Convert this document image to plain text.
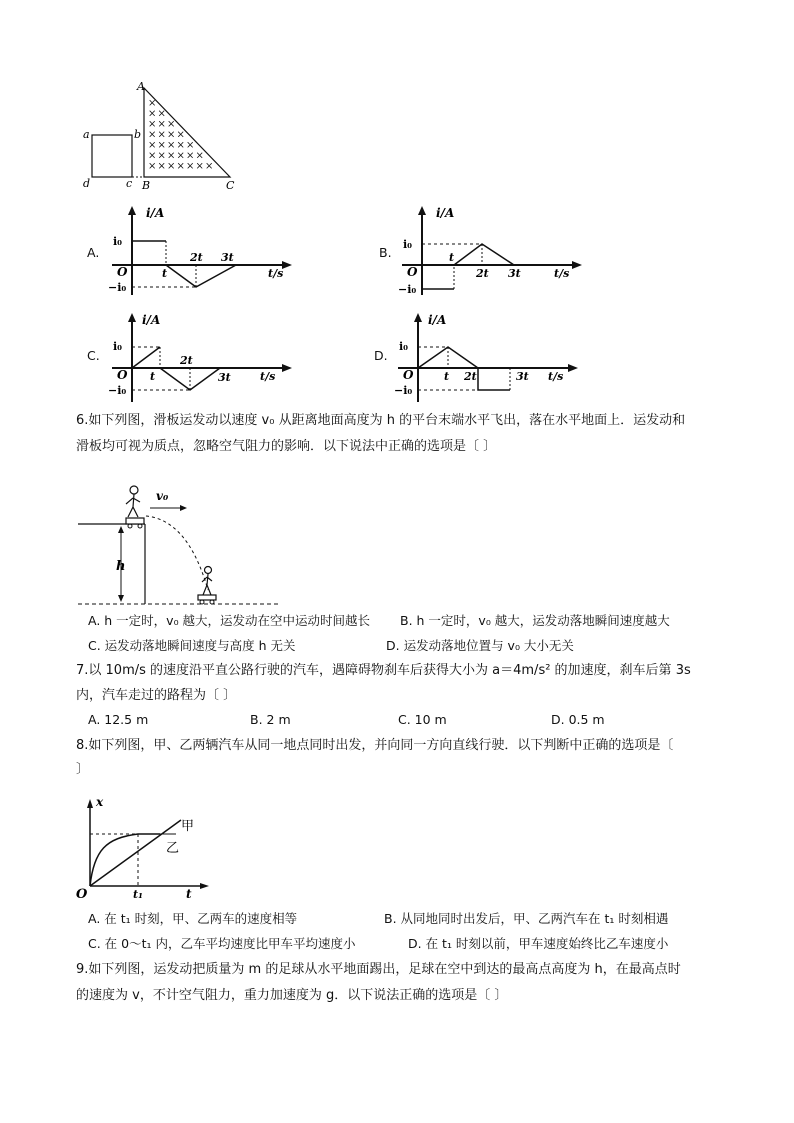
×
× ×
× × ×
× × × ×
× × × × ×
× × × × × ×
× × × × × × ×
A
a	b
d	c B	C
A.
i/A
i₀
−i₀
O	t
2t 3t
t/s
B.
i/A
i₀
−i₀
O
t
2t 3t	t/s
C.
i/A
i₀
−i₀
O t
2t
3t	t/s
D.
i/A
i₀
−i₀
O	t 2t	3t t/s
6.如下列图，滑板运发动以速度 v₀ 从距离地面高度为 h 的平台末端水平飞出，落在水平地面上．运发动和
滑板均可视为质点，忽略空气阻力的影响．以下说法中正确的选项是〔 〕
h
v₀
A. h 一定时，v₀ 越大，运发动在空中运动时间越长 B. h 一定时，v₀ 越大，运发动落地瞬间速度越大
C. 运发动落地瞬间速度与高度 h 无关	D. 运发动落地位置与 v₀ 大小无关
7.以 10m/s 的速度沿平直公路行驶的汽车，遇障碍物刹车后获得大小为 a＝4m/s² 的加速度，刹车后第 3s
内，汽车走过的路程为〔 〕
A. 12.5 m	B. 2 m	C. 10 m	D. 0.5 m
8.如下列图，甲、乙两辆汽车从同一地点同时出发，并向同一方向直线行驶．以下判断中正确的选项是〔
〕
x
O	t₁	t
甲
乙
A. 在 t₁ 时刻，甲、乙两车的速度相等	B. 从同地同时出发后，甲、乙两汽车在 t₁ 时刻相遇
C. 在 0～t₁ 内，乙车平均速度比甲车平均速度小	D. 在 t₁ 时刻以前，甲车速度始终比乙车速度小
9.如下列图，运发动把质量为 m 的足球从水平地面踢出，足球在空中到达的最高点高度为 h，在最高点时
的速度为 v，不计空气阻力，重力加速度为 g．以下说法正确的选项是〔 〕
